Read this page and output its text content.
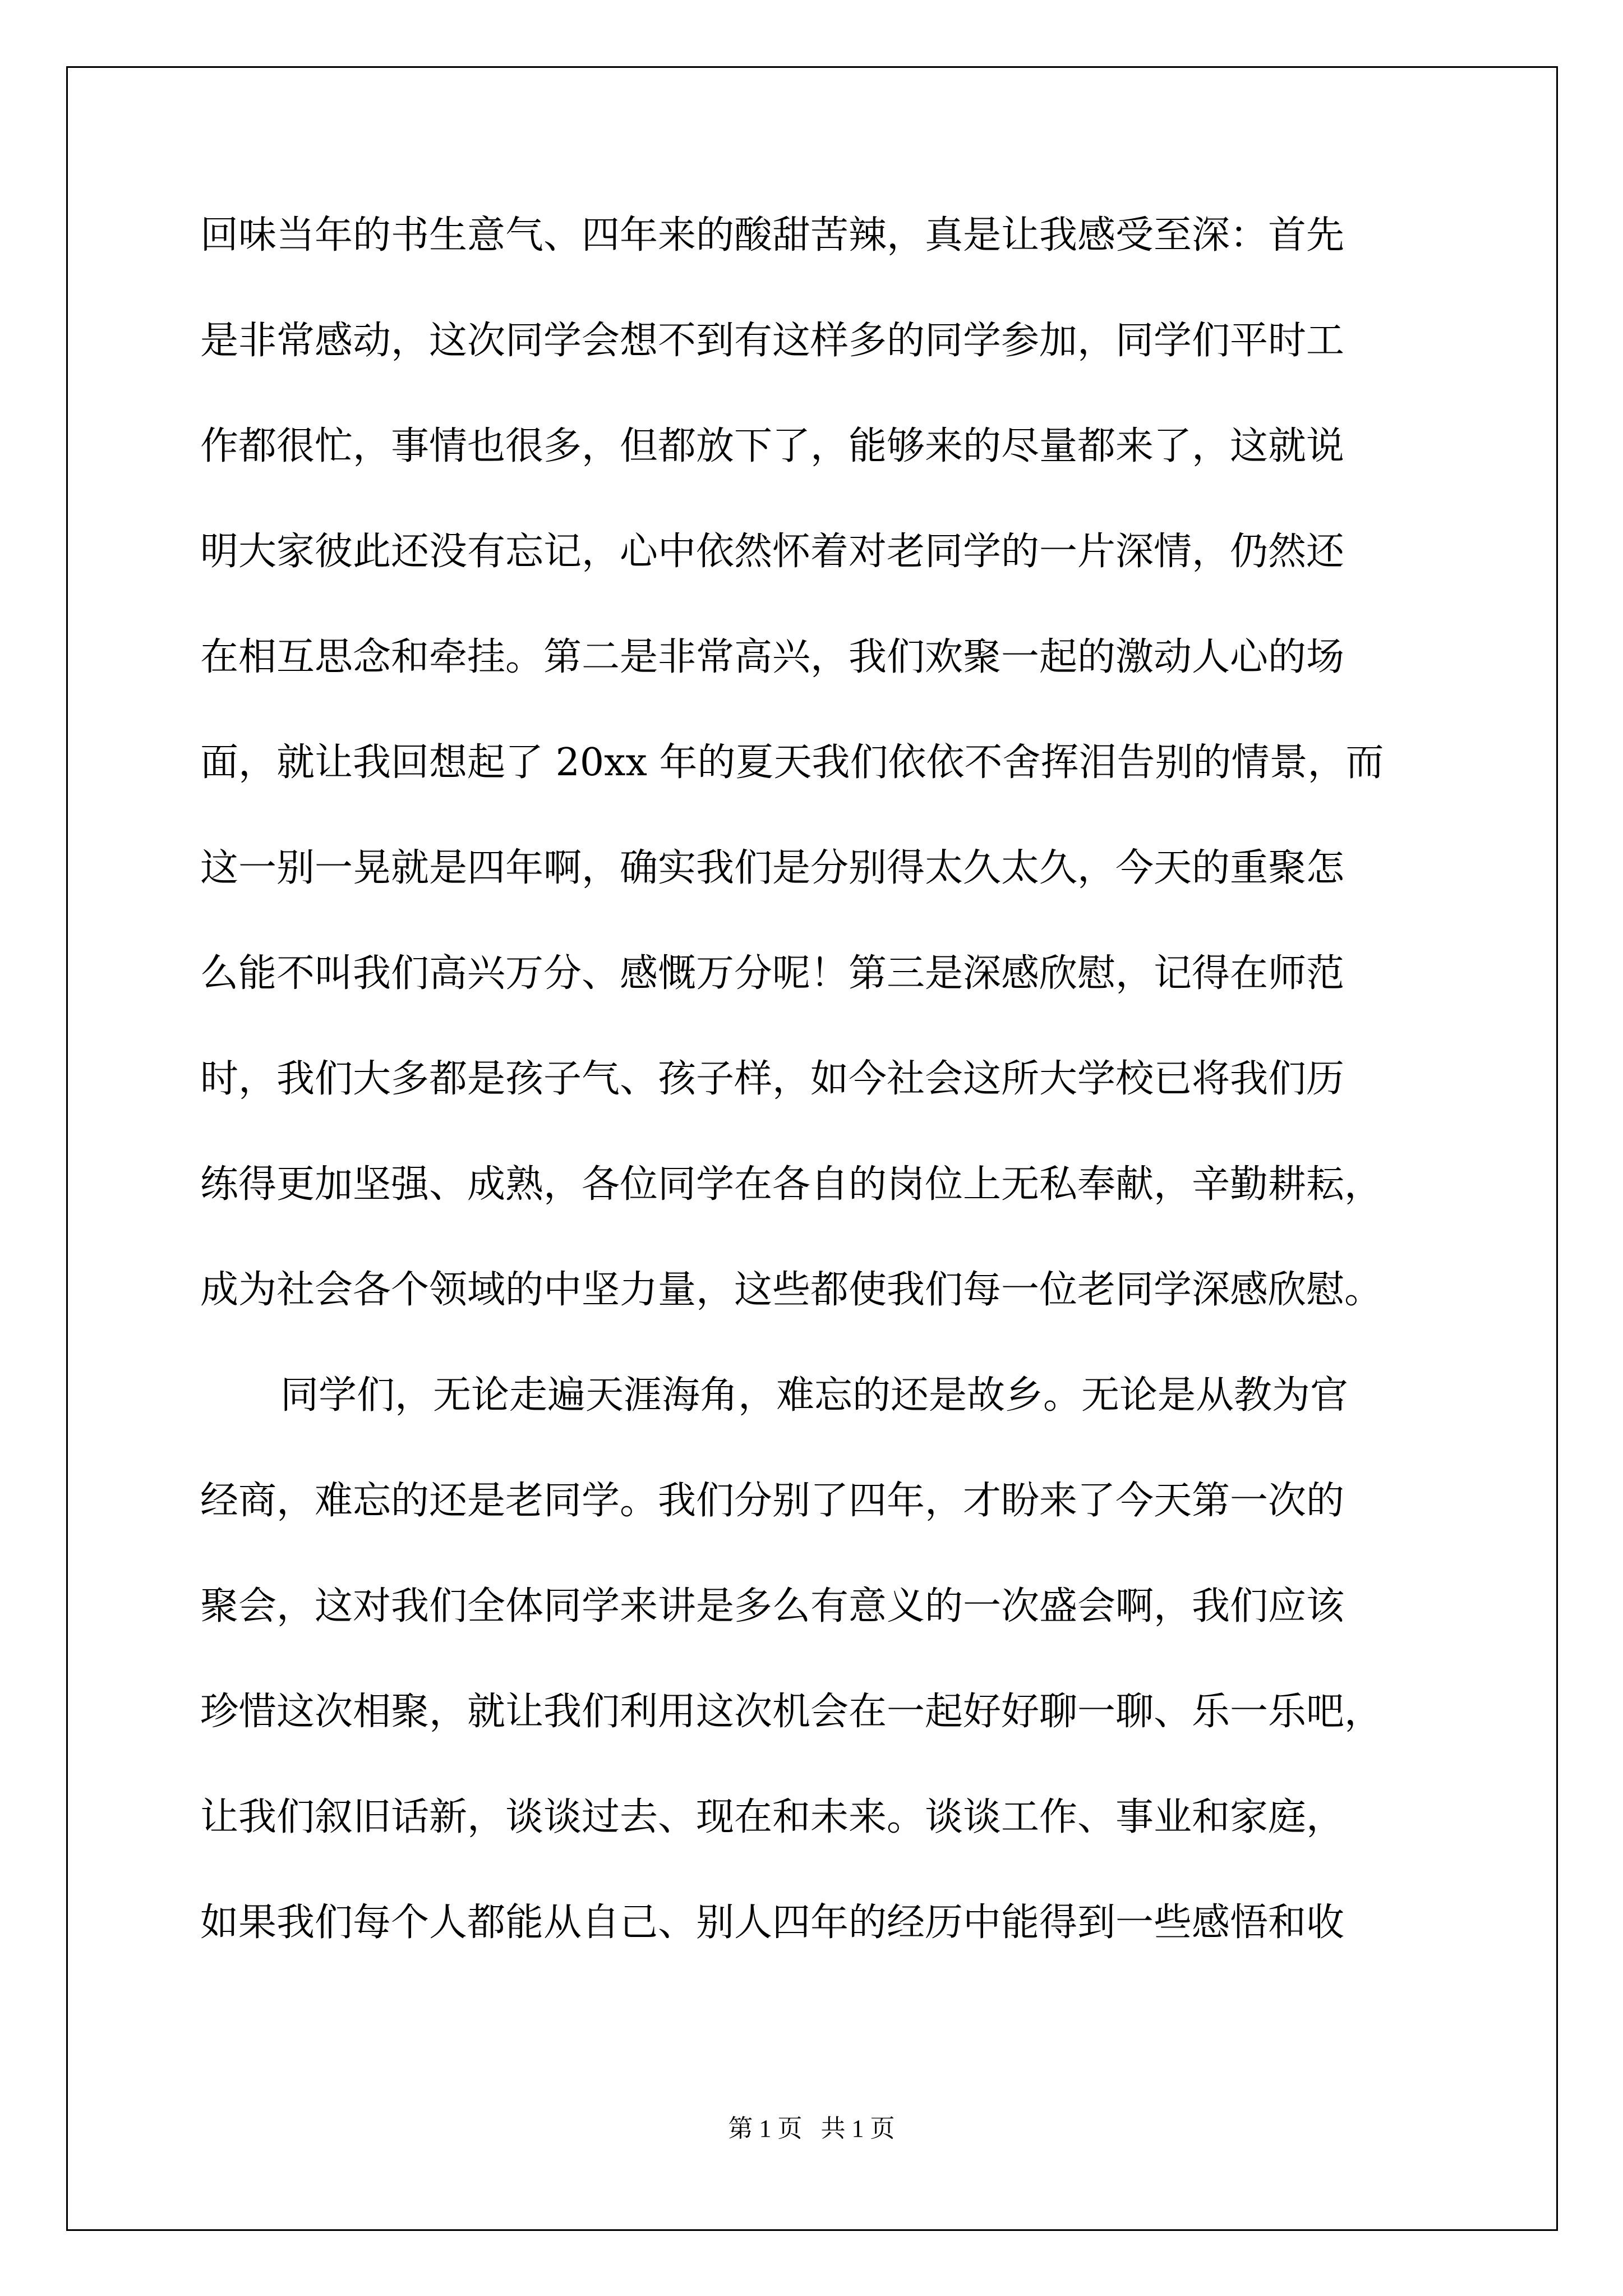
回味当年的书生意气、四年来的酸甜苦辣，真是让我感受至深：首先
是非常感动，这次同学会想不到有这样多的同学参加，同学们平时工
作都很忙，事情也很多，但都放下了，能够来的尽量都来了，这就说
明大家彼此还没有忘记，心中依然怀着对老同学的一片深情，仍然还
在相互思念和牵挂。第二是非常高兴，我们欢聚一起的激动人心的场
面，就让我回想起了 20xx 年的夏天我们依依不舍挥泪告别的情景，而
这一别一晃就是四年啊，确实我们是分别得太久太久，今天的重聚怎
么能不叫我们高兴万分、感慨万分呢！第三是深感欣慰，记得在师范
时，我们大多都是孩子气、孩子样，如今社会这所大学校已将我们历
练得更加坚强、成熟，各位同学在各自的岗位上无私奉献，辛勤耕耘，
成为社会各个领域的中坚力量，这些都使我们每一位老同学深感欣慰。
同学们，无论走遍天涯海角，难忘的还是故乡。无论是从教为官
经商，难忘的还是老同学。我们分别了四年，才盼来了今天第一次的
聚会，这对我们全体同学来讲是多么有意义的一次盛会啊，我们应该
珍惜这次相聚，就让我们利用这次机会在一起好好聊一聊、乐一乐吧，
让我们叙旧话新，谈谈过去、现在和未来。谈谈工作、事业和家庭，
如果我们每个人都能从自己、别人四年的经历中能得到一些感悟和收
第 1 页   共 1 页
